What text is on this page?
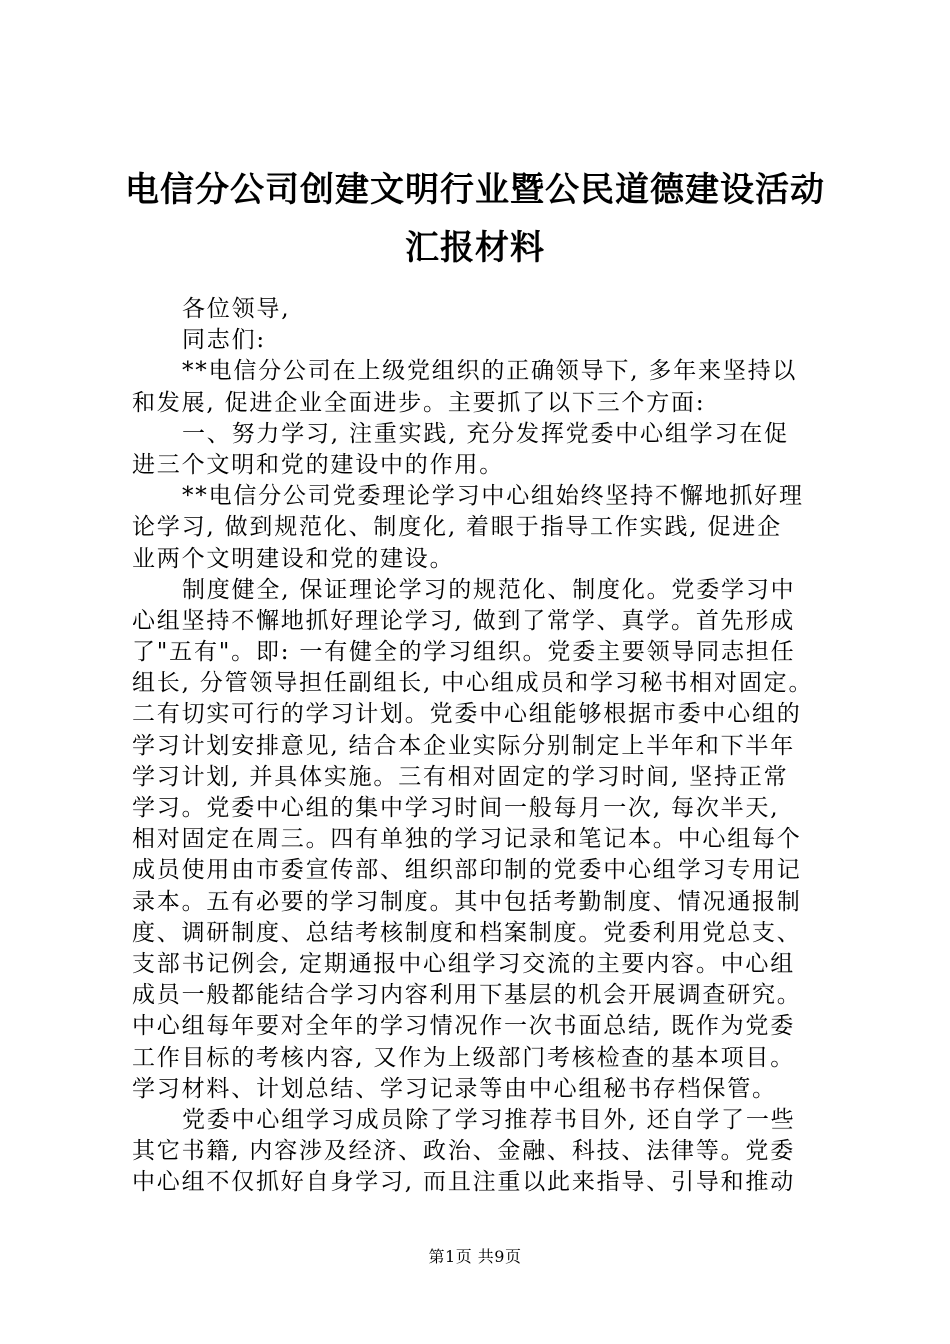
电信分公司创建文明行业暨公民道德建设活动
汇报材料
各位领导,
同志们:
**电信分公司在上级党组织的正确领导下, 多年来坚持以
和发展, 促进企业全面进步。主要抓了以下三个方面:
一、努力学习, 注重实践, 充分发挥党委中心组学习在促
进三个文明和党的建设中的作用。
**电信分公司党委理论学习中心组始终坚持不懈地抓好理
论学习, 做到规范化、制度化, 着眼于指导工作实践, 促进企
业两个文明建设和党的建设。
制度健全, 保证理论学习的规范化、制度化。党委学习中
心组坚持不懈地抓好理论学习, 做到了常学、真学。首先形成
了"五有"。即: 一有健全的学习组织。党委主要领导同志担任
组长, 分管领导担任副组长, 中心组成员和学习秘书相对固定。
二有切实可行的学习计划。党委中心组能够根据市委中心组的
学习计划安排意见, 结合本企业实际分别制定上半年和下半年
学习计划, 并具体实施。三有相对固定的学习时间, 坚持正常
学习。党委中心组的集中学习时间一般每月一次, 每次半天,
相对固定在周三。四有单独的学习记录和笔记本。中心组每个
成员使用由市委宣传部、组织部印制的党委中心组学习专用记
录本。五有必要的学习制度。其中包括考勤制度、情况通报制
度、调研制度、总结考核制度和档案制度。党委利用党总支、
支部书记例会, 定期通报中心组学习交流的主要内容。中心组
成员一般都能结合学习内容利用下基层的机会开展调查研究。
中心组每年要对全年的学习情况作一次书面总结, 既作为党委
工作目标的考核内容, 又作为上级部门考核检查的基本项目。
学习材料、计划总结、学习记录等由中心组秘书存档保管。
党委中心组学习成员除了学习推荐书目外, 还自学了一些
其它书籍, 内容涉及经济、政治、金融、科技、法律等。党委
中心组不仅抓好自身学习, 而且注重以此来指导、引导和推动
第1页 共9页
